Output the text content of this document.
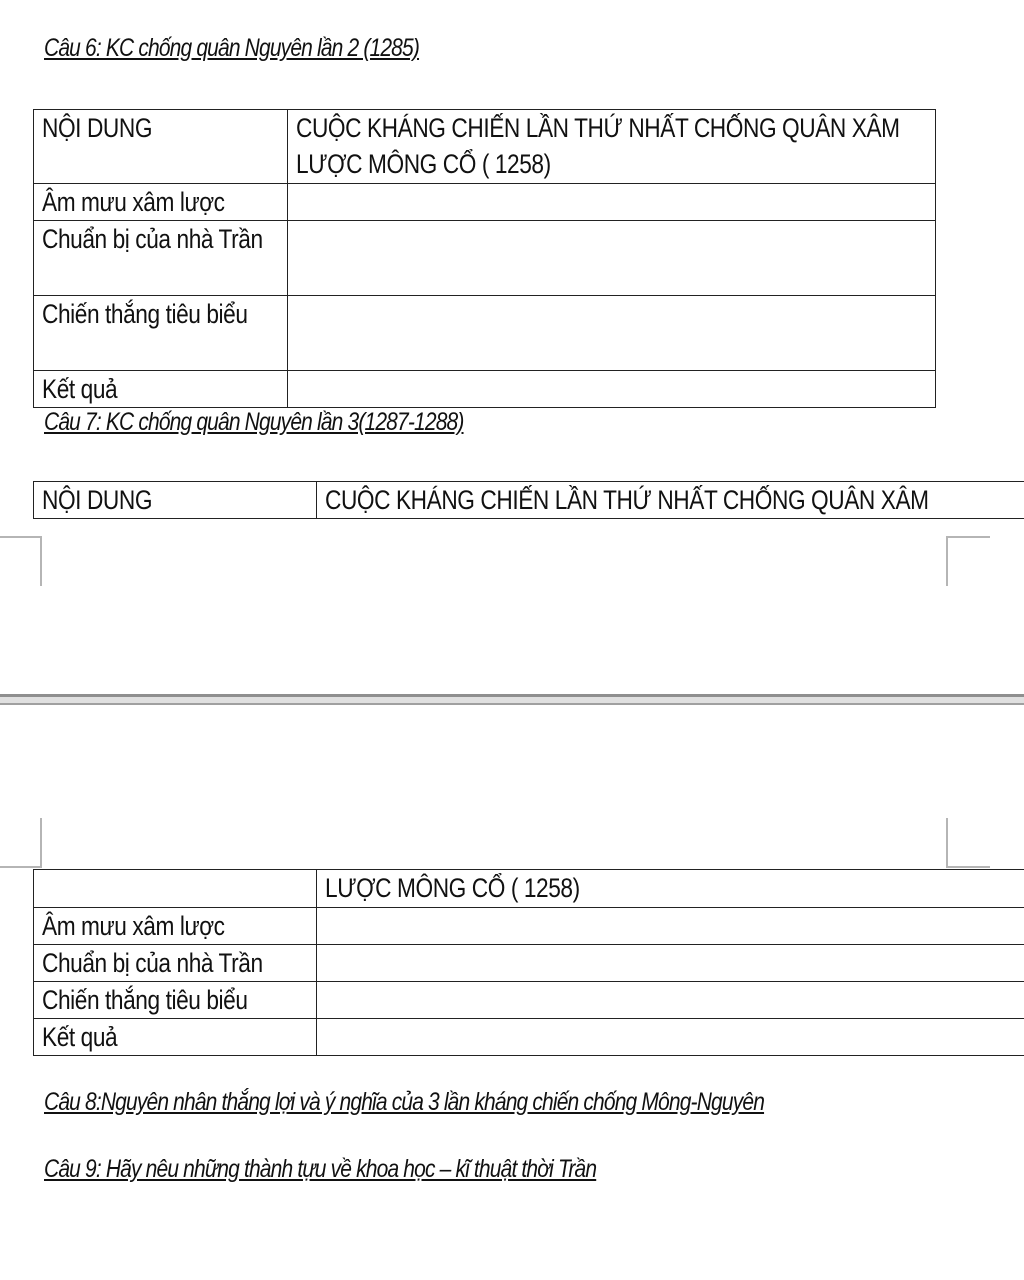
Câu 6: KC chống quân Nguyên lần 2 (1285)
NỘI DUNG	CUỘC KHÁNG CHIẾN LẦN THỨ NHẤT CHỐNG QUÂN XÂM LƯỢC MÔNG CỔ ( 1258)

Âm mưu xâm lược	

Chuẩn bị của nhà Trần	

Chiến thắng tiêu biểu	

Kết quả	

Câu 7: KC chống quân Nguyên lần 3(1287-1288)
NỘI DUNG	CUỘC KHÁNG CHIẾN LẦN THỨ NHẤT CHỐNG QUÂN XÂM

	LƯỢC MÔNG CỔ ( 1258)

Âm mưu xâm lược	

Chuẩn bị của nhà Trần	

Chiến thắng tiêu biểu	

Kết quả	

Câu 8:Nguyên nhân thắng lợi và ý nghĩa của 3 lần kháng chiến chống Mông-Nguyên
Câu 9: Hãy nêu những thành tựu về khoa học – kĩ thuật thời Trần
